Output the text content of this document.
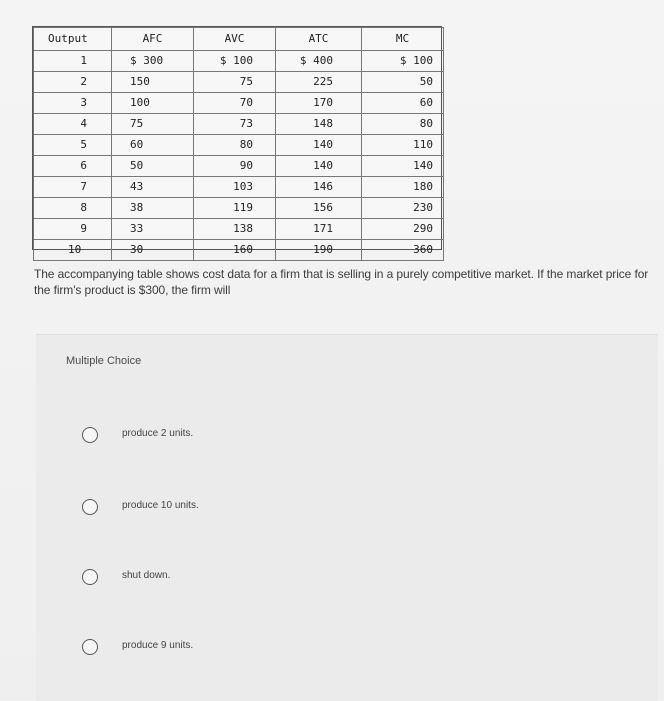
Output	AFC	AVC	ATC	MC
1	$ 300	$ 100	$ 400	$ 100
2	150	75	225	50
3	100	70	170	60
4	75	73	148	80
5	60	80	140	110
6	50	90	140	140
7	43	103	146	180
8	38	119	156	230
9	33	138	171	290
10	30	160	190	360
The accompanying table shows cost data for a firm that is selling in a purely competitive market. If the market price for the firm's product is $300, the firm will
Multiple Choice
produce 2 units.
produce 10 units.
shut down.
produce 9 units.
